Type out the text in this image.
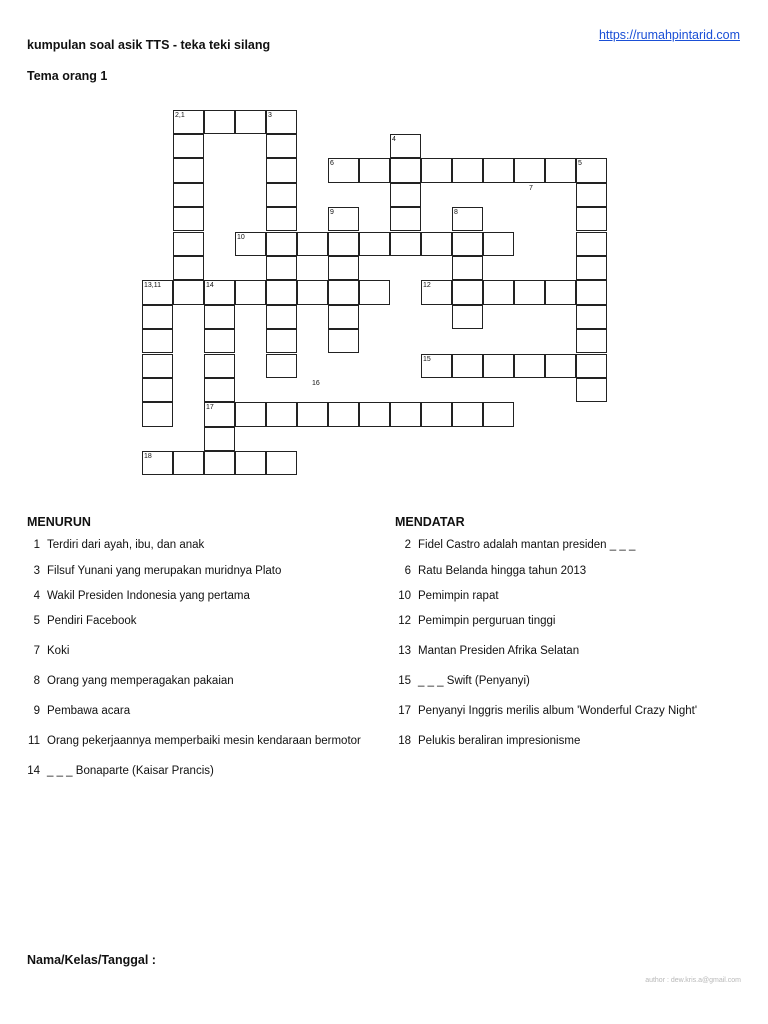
kumpulan soal asik TTS - teka teki silang
https://rumahpintarid.com
Tema orang 1
2,1	3
6
4
5
9	8
10
13,11	14	12
17
15
18
7
16
MENURUN
1 Terdiri dari ayah, ibu, dan anak
3 Filsuf Yunani yang merupakan muridnya Plato
4 Wakil Presiden Indonesia yang pertama
5 Pendiri Facebook
7 Koki
8 Orang yang memperagakan pakaian
9 Pembawa acara
11 Orang pekerjaannya memperbaiki mesin kendaraan bermotor
14 _ _ _ Bonaparte (Kaisar Prancis)
MENDATAR
2 Fidel Castro adalah mantan presiden _ _ _
6 Ratu Belanda hingga tahun 2013
10 Pemimpin rapat
12 Pemimpin perguruan tinggi
13 Mantan Presiden Afrika Selatan
15 _ _ _ Swift (Penyanyi)
17 Penyanyi Inggris merilis album 'Wonderful Crazy Night'
18 Pelukis beraliran impresionisme
Nama/Kelas/Tanggal :
author : dew.kris.a@gmail.com
